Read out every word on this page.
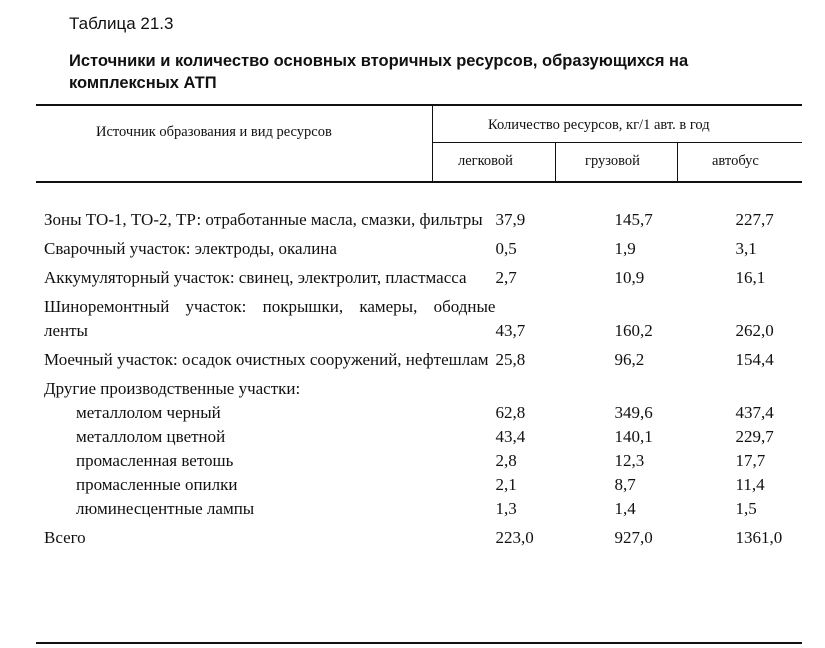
Таблица 21.3
Источники и количество основных вторичных ресурсов, образующихся на комплексных АТП
Источник образования и вид ресурсов	Количество ресурсов, кг/1 авт. в год
легковой	грузовой	автобус
Зоны ТО-1, ТО-2, ТР: отработанные масла, смазки, фильтры	37,9	145,7	227,7

Сварочный участок: электроды, окалина	0,5	1,9	3,1

Аккумуляторный участок: свинец, электролит, пластмасса	2,7	10,9	16,1

Шиноремонтный участок: покрышки, камеры, ободные ленты	43,7	160,2	262,0

Моечный участок: осадок очистных сооружений, нефтешлам	25,8	96,2	154,4

Другие производственные участки:			

металлолом черный	62,8	349,6	437,4
металлолом цветной	43,4	140,1	229,7
промасленная ветошь	2,8	12,3	17,7
промасленные опилки	2,1	8,7	11,4
люминесцентные лампы	1,3	1,4	1,5
Всего	223,0	927,0	1361,0
